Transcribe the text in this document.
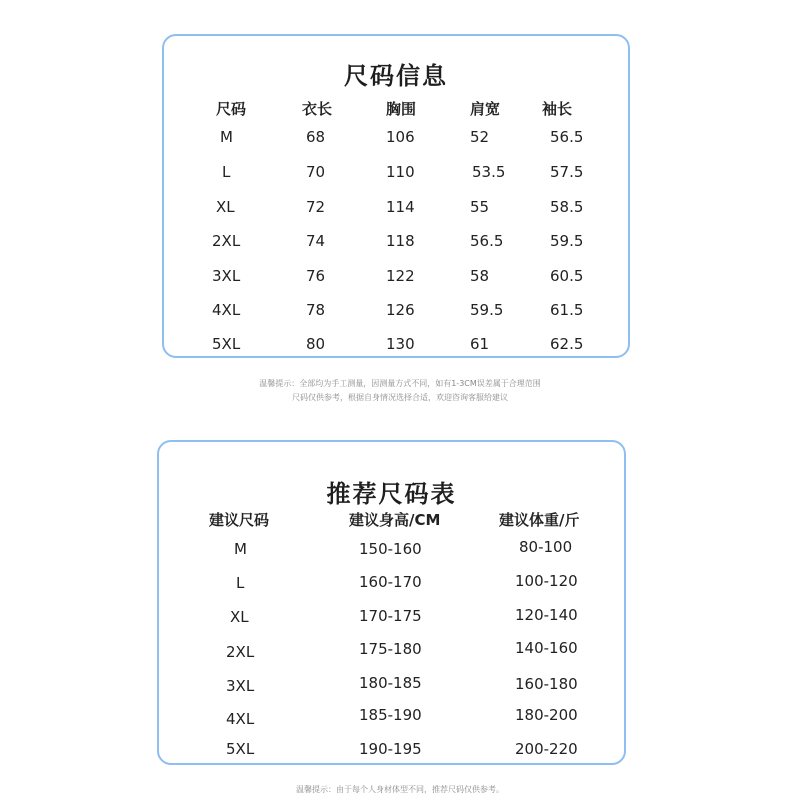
尺码信息
尺码	衣长	胸围	肩宽	袖长
M	68	106	52	56.5
L	70	110	53.5	57.5
XL	72	114	55	58.5
2XL	74	118	56.5	59.5
3XL	76	122	58	60.5
4XL	78	126	59.5	61.5
5XL	80	130	61	62.5
温馨提示：全部均为手工测量，因测量方式不同，如有1-3CM误差属于合理范围
尺码仅供参考，根据自身情况选择合适，欢迎咨询客服给建议
推荐尺码表
建议尺码	建议身高/CM	建议体重/斤
M	150-160	80-100
L	160-170	100-120
XL	170-175	120-140
2XL	175-180	140-160
3XL	180-185	160-180
4XL	185-190	180-200
5XL	190-195	200-220
温馨提示：由于每个人身材体型不同，推荐尺码仅供参考。
